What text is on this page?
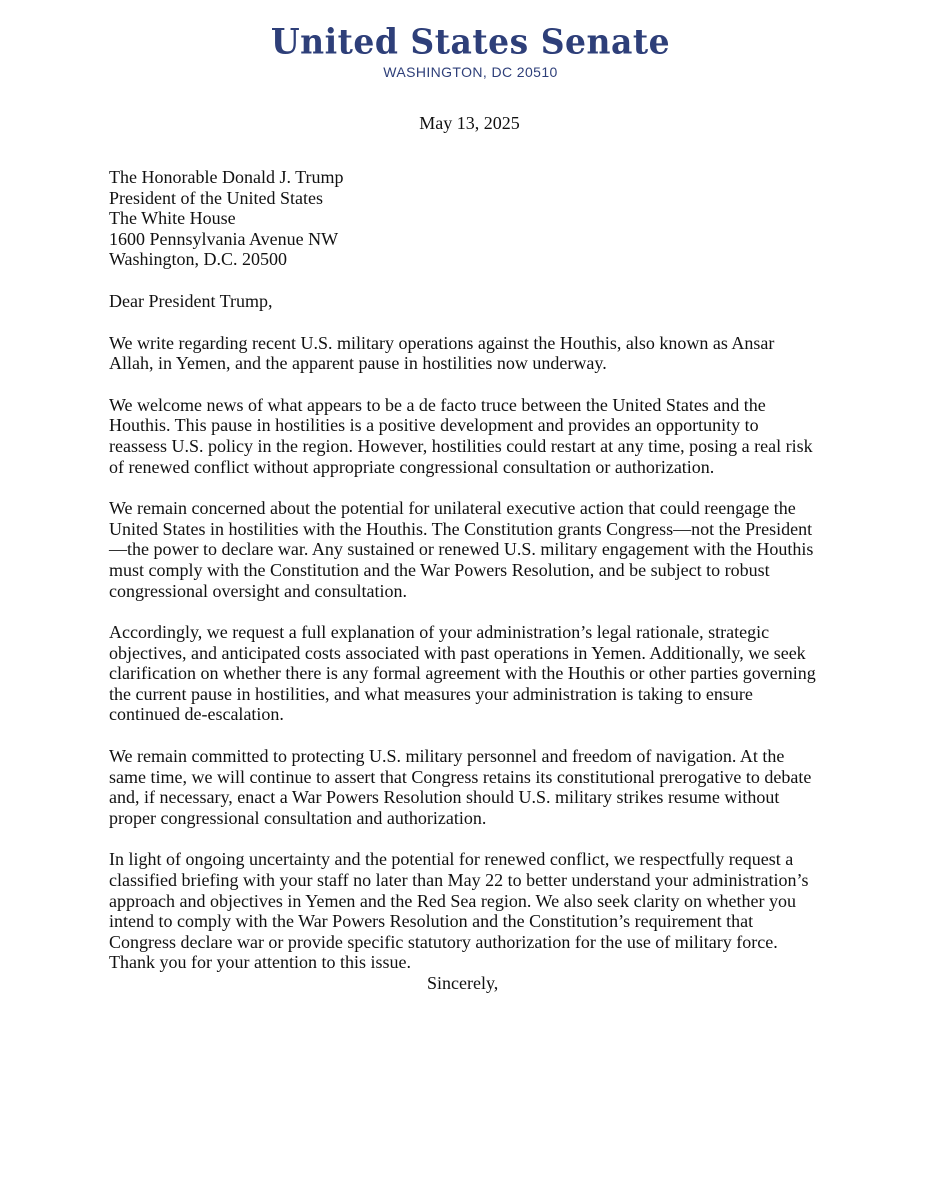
United States Senate
WASHINGTON, DC 20510
May 13, 2025
The Honorable Donald J. Trump
President of the United States
The White House
1600 Pennsylvania Avenue NW
Washington, D.C. 20500
Dear President Trump,

We write regarding recent U.S. military operations against the Houthis, also known as Ansar Allah, in Yemen, and the apparent pause in hostilities now underway.

We welcome news of what appears to be a de facto truce between the United States and the Houthis. This pause in hostilities is a positive development and provides an opportunity to reassess U.S. policy in the region. However, hostilities could restart at any time, posing a real risk of renewed conflict without appropriate congressional consultation or authorization.

We remain concerned about the potential for unilateral executive action that could reengage the United States in hostilities with the Houthis. The Constitution grants Congress—not the President—the power to declare war. Any sustained or renewed U.S. military engagement with the Houthis must comply with the Constitution and the War Powers Resolution, and be subject to robust congressional oversight and consultation.

Accordingly, we request a full explanation of your administration’s legal rationale, strategic objectives, and anticipated costs associated with past operations in Yemen. Additionally, we seek clarification on whether there is any formal agreement with the Houthis or other parties governing the current pause in hostilities, and what measures your administration is taking to ensure continued de-escalation.

We remain committed to protecting U.S. military personnel and freedom of navigation. At the same time, we will continue to assert that Congress retains its constitutional prerogative to debate and, if necessary, enact a War Powers Resolution should U.S. military strikes resume without proper congressional consultation and authorization.

In light of ongoing uncertainty and the potential for renewed conflict, we respectfully request a classified briefing with your staff no later than May 22 to better understand your administration’s approach and objectives in Yemen and the Red Sea region. We also seek clarity on whether you intend to comply with the War Powers Resolution and the Constitution’s requirement that Congress declare war or provide specific statutory authorization for the use of military force.

Thank you for your attention to this issue.

Sincerely,
